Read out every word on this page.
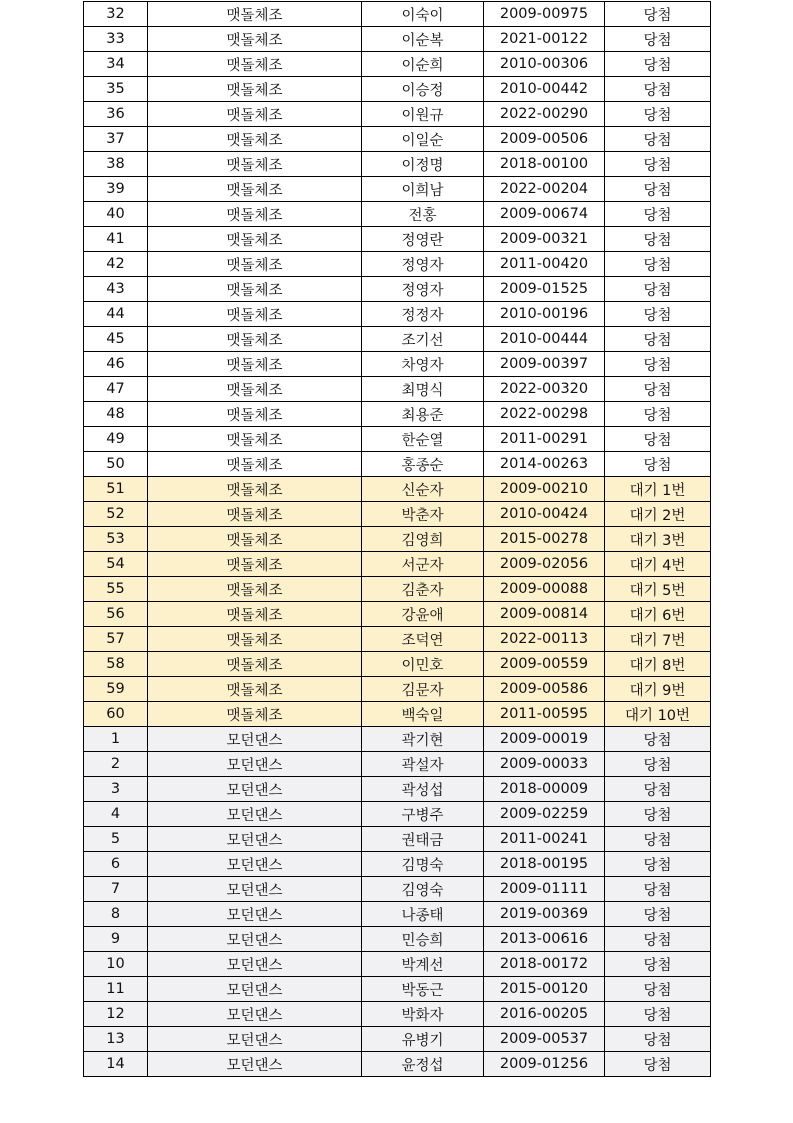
32	맷돌체조	이숙이	2009-00975	당첨
33	맷돌체조	이순복	2021-00122	당첨
34	맷돌체조	이순희	2010-00306	당첨
35	맷돌체조	이승정	2010-00442	당첨
36	맷돌체조	이원규	2022-00290	당첨
37	맷돌체조	이일순	2009-00506	당첨
38	맷돌체조	이정명	2018-00100	당첨
39	맷돌체조	이희남	2022-00204	당첨
40	맷돌체조	전홍	2009-00674	당첨
41	맷돌체조	정영란	2009-00321	당첨
42	맷돌체조	정영자	2011-00420	당첨
43	맷돌체조	정영자	2009-01525	당첨
44	맷돌체조	정정자	2010-00196	당첨
45	맷돌체조	조기선	2010-00444	당첨
46	맷돌체조	차영자	2009-00397	당첨
47	맷돌체조	최명식	2022-00320	당첨
48	맷돌체조	최용준	2022-00298	당첨
49	맷돌체조	한순열	2011-00291	당첨
50	맷돌체조	홍종순	2014-00263	당첨
51	맷돌체조	신순자	2009-00210	대기 1번
52	맷돌체조	박춘자	2010-00424	대기 2번
53	맷돌체조	김영희	2015-00278	대기 3번
54	맷돌체조	서군자	2009-02056	대기 4번
55	맷돌체조	김춘자	2009-00088	대기 5번
56	맷돌체조	강윤애	2009-00814	대기 6번
57	맷돌체조	조덕연	2022-00113	대기 7번
58	맷돌체조	이민호	2009-00559	대기 8번
59	맷돌체조	김문자	2009-00586	대기 9번
60	맷돌체조	백숙일	2011-00595	대기 10번
1	모던댄스	곽기현	2009-00019	당첨
2	모던댄스	곽설자	2009-00033	당첨
3	모던댄스	곽성섭	2018-00009	당첨
4	모던댄스	구병주	2009-02259	당첨
5	모던댄스	권태금	2011-00241	당첨
6	모던댄스	김명숙	2018-00195	당첨
7	모던댄스	김영숙	2009-01111	당첨
8	모던댄스	나종태	2019-00369	당첨
9	모던댄스	민승희	2013-00616	당첨
10	모던댄스	박계선	2018-00172	당첨
11	모던댄스	박동근	2015-00120	당첨
12	모던댄스	박화자	2016-00205	당첨
13	모던댄스	유병기	2009-00537	당첨
14	모던댄스	윤정섭	2009-01256	당첨
